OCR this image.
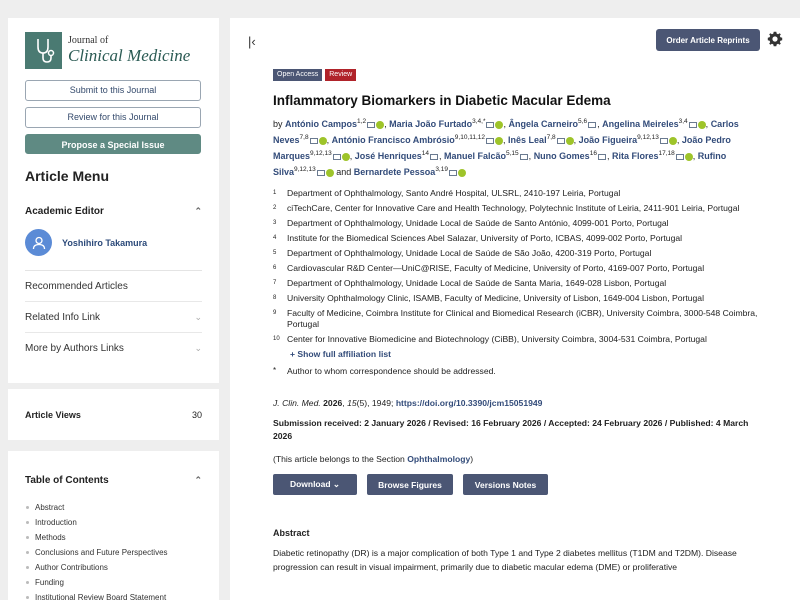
Journal of
Clinical Medicine
Submit to this Journal
Review for this Journal
Propose a Special Issue
Article Menu
Academic Editor	⌃
Yoshihiro Takamura
Recommended Articles
Related Info Link	⌄
More by Authors Links	⌄
Article Views	30
Table of Contents	⌃
Abstract
Introduction
Methods
Conclusions and Future Perspectives
Author Contributions
Funding
Institutional Review Board Statement
|‹	Order Article Reprints
Open Access	Review
Inflammatory Biomarkers in Diabetic Macular Edema
by António Campos$^{1,2}$ , Maria João Furtado$^{3,4,*}$ , Ângela Carneiro$^{5,6}$ , Angelina Meireles$^{3,4}$ , Carlos Neves$^{7,8}$ , António Francisco Ambrósio$^{9,10,11,12}$ , Inês Leal$^{7,8}$ , João Figueira$^{9,12,13}$ , João Pedro Marques$^{9,12,13}$ , José Henriques$^{14}$ , Manuel Falcão$^{5,15}$ , Nuno Gomes$^{16}$ , Rita Flores$^{17,18}$ , Rufino Silva$^{9,12,13}$ and Bernardete Pessoa$^{3,19}$
1	Department of Ophthalmology, Santo André Hospital, ULSRL, 2410-197 Leiria, Portugal
2	ciTechCare, Center for Innovative Care and Health Technology, Polytechnic Institute of Leiria, 2411-901 Leiria, Portugal
3	Department of Ophthalmology, Unidade Local de Saúde de Santo António, 4099-001 Porto, Portugal
4	Institute for the Biomedical Sciences Abel Salazar, University of Porto, ICBAS, 4099-002 Porto, Portugal
5	Department of Ophthalmology, Unidade Local de Saúde de São João, 4200-319 Porto, Portugal
6	Cardiovascular R&D Center—UniC@RISE, Faculty of Medicine, University of Porto, 4169-007 Porto, Portugal
7	Department of Ophthalmology, Unidade Local de Saúde de Santa Maria, 1649-028 Lisbon, Portugal
8	University Ophthalmology Clinic, ISAMB, Faculty of Medicine, University of Lisbon, 1649-004 Lisbon, Portugal
9	Faculty of Medicine, Coimbra Institute for Clinical and Biomedical Research (iCBR), University Coimbra, 3000-548 Coimbra, Portugal
10 Center for Innovative Biomedicine and Biotechnology (CiBB), University Coimbra, 3004-531 Coimbra, Portugal
+ Show full affiliation list
*	Author to whom correspondence should be addressed.
J. Clin. Med. 2026, 15(5), 1949; https://doi.org/10.3390/jcm15051949
Submission received: 2 January 2026 / Revised: 16 February 2026 / Accepted: 24 February 2026 / Published: 4 March 2026
(This article belongs to the Section Ophthalmology)
Download ⌄	Browse Figures	Versions Notes
Abstract
Diabetic retinopathy (DR) is a major complication of both Type 1 and Type 2 diabetes mellitus (T1DM and T2DM). Disease progression can result in visual impairment, primarily due to diabetic macular edema (DME) or proliferative
